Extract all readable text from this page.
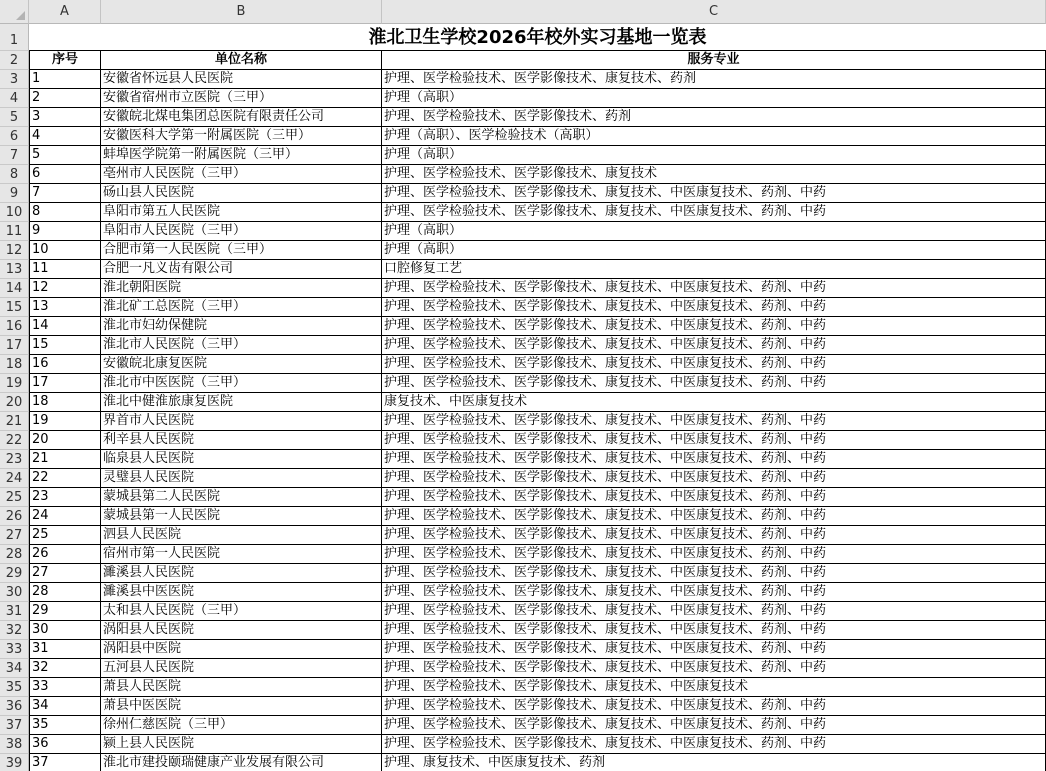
A	B	C
1
2
3
4
5
6
7
8
9
10
11
12
13
14
15
16
17
18
19
20
21
22
23
24
25
26
27
28
29
30
31
32
33
34
35
36
37
38
39
淮北卫生学校2026年校外实习基地一览表
序号	单位名称	服务专业
1	安徽省怀远县人民医院	护理、医学检验技术、医学影像技术、康复技术、药剂
2	安徽省宿州市立医院（三甲）	护理（高职）
3	安徽皖北煤电集团总医院有限责任公司	护理、医学检验技术、医学影像技术、药剂
4	安徽医科大学第一附属医院（三甲）	护理（高职）、医学检验技术（高职）
5	蚌埠医学院第一附属医院（三甲）	护理（高职）
6	亳州市人民医院（三甲）	护理、医学检验技术、医学影像技术、康复技术
7	砀山县人民医院	护理、医学检验技术、医学影像技术、康复技术、中医康复技术、药剂、中药
8	阜阳市第五人民医院	护理、医学检验技术、医学影像技术、康复技术、中医康复技术、药剂、中药
9	阜阳市人民医院（三甲）	护理（高职）
10	合肥市第一人民医院（三甲）	护理（高职）
11	合肥一凡义齿有限公司	口腔修复工艺
12	淮北朝阳医院	护理、医学检验技术、医学影像技术、康复技术、中医康复技术、药剂、中药
13	淮北矿工总医院（三甲）	护理、医学检验技术、医学影像技术、康复技术、中医康复技术、药剂、中药
14	淮北市妇幼保健院	护理、医学检验技术、医学影像技术、康复技术、中医康复技术、药剂、中药
15	淮北市人民医院（三甲）	护理、医学检验技术、医学影像技术、康复技术、中医康复技术、药剂、中药
16	安徽皖北康复医院	护理、医学检验技术、医学影像技术、康复技术、中医康复技术、药剂、中药
17	淮北市中医医院（三甲）	护理、医学检验技术、医学影像技术、康复技术、中医康复技术、药剂、中药
18	淮北中健淮旅康复医院	康复技术、中医康复技术
19	界首市人民医院	护理、医学检验技术、医学影像技术、康复技术、中医康复技术、药剂、中药
20	利辛县人民医院	护理、医学检验技术、医学影像技术、康复技术、中医康复技术、药剂、中药
21	临泉县人民医院	护理、医学检验技术、医学影像技术、康复技术、中医康复技术、药剂、中药
22	灵璧县人民医院	护理、医学检验技术、医学影像技术、康复技术、中医康复技术、药剂、中药
23	蒙城县第二人民医院	护理、医学检验技术、医学影像技术、康复技术、中医康复技术、药剂、中药
24	蒙城县第一人民医院	护理、医学检验技术、医学影像技术、康复技术、中医康复技术、药剂、中药
25	泗县人民医院	护理、医学检验技术、医学影像技术、康复技术、中医康复技术、药剂、中药
26	宿州市第一人民医院	护理、医学检验技术、医学影像技术、康复技术、中医康复技术、药剂、中药
27	濉溪县人民医院	护理、医学检验技术、医学影像技术、康复技术、中医康复技术、药剂、中药
28	濉溪县中医医院	护理、医学检验技术、医学影像技术、康复技术、中医康复技术、药剂、中药
29	太和县人民医院（三甲）	护理、医学检验技术、医学影像技术、康复技术、中医康复技术、药剂、中药
30	涡阳县人民医院	护理、医学检验技术、医学影像技术、康复技术、中医康复技术、药剂、中药
31	涡阳县中医院	护理、医学检验技术、医学影像技术、康复技术、中医康复技术、药剂、中药
32	五河县人民医院	护理、医学检验技术、医学影像技术、康复技术、中医康复技术、药剂、中药
33	萧县人民医院	护理、医学检验技术、医学影像技术、康复技术、中医康复技术
34	萧县中医医院	护理、医学检验技术、医学影像技术、康复技术、中医康复技术、药剂、中药
35	徐州仁慈医院（三甲）	护理、医学检验技术、医学影像技术、康复技术、中医康复技术、药剂、中药
36	颍上县人民医院	护理、医学检验技术、医学影像技术、康复技术、中医康复技术、药剂、中药
37	淮北市建投颐瑞健康产业发展有限公司	护理、康复技术、中医康复技术、药剂
